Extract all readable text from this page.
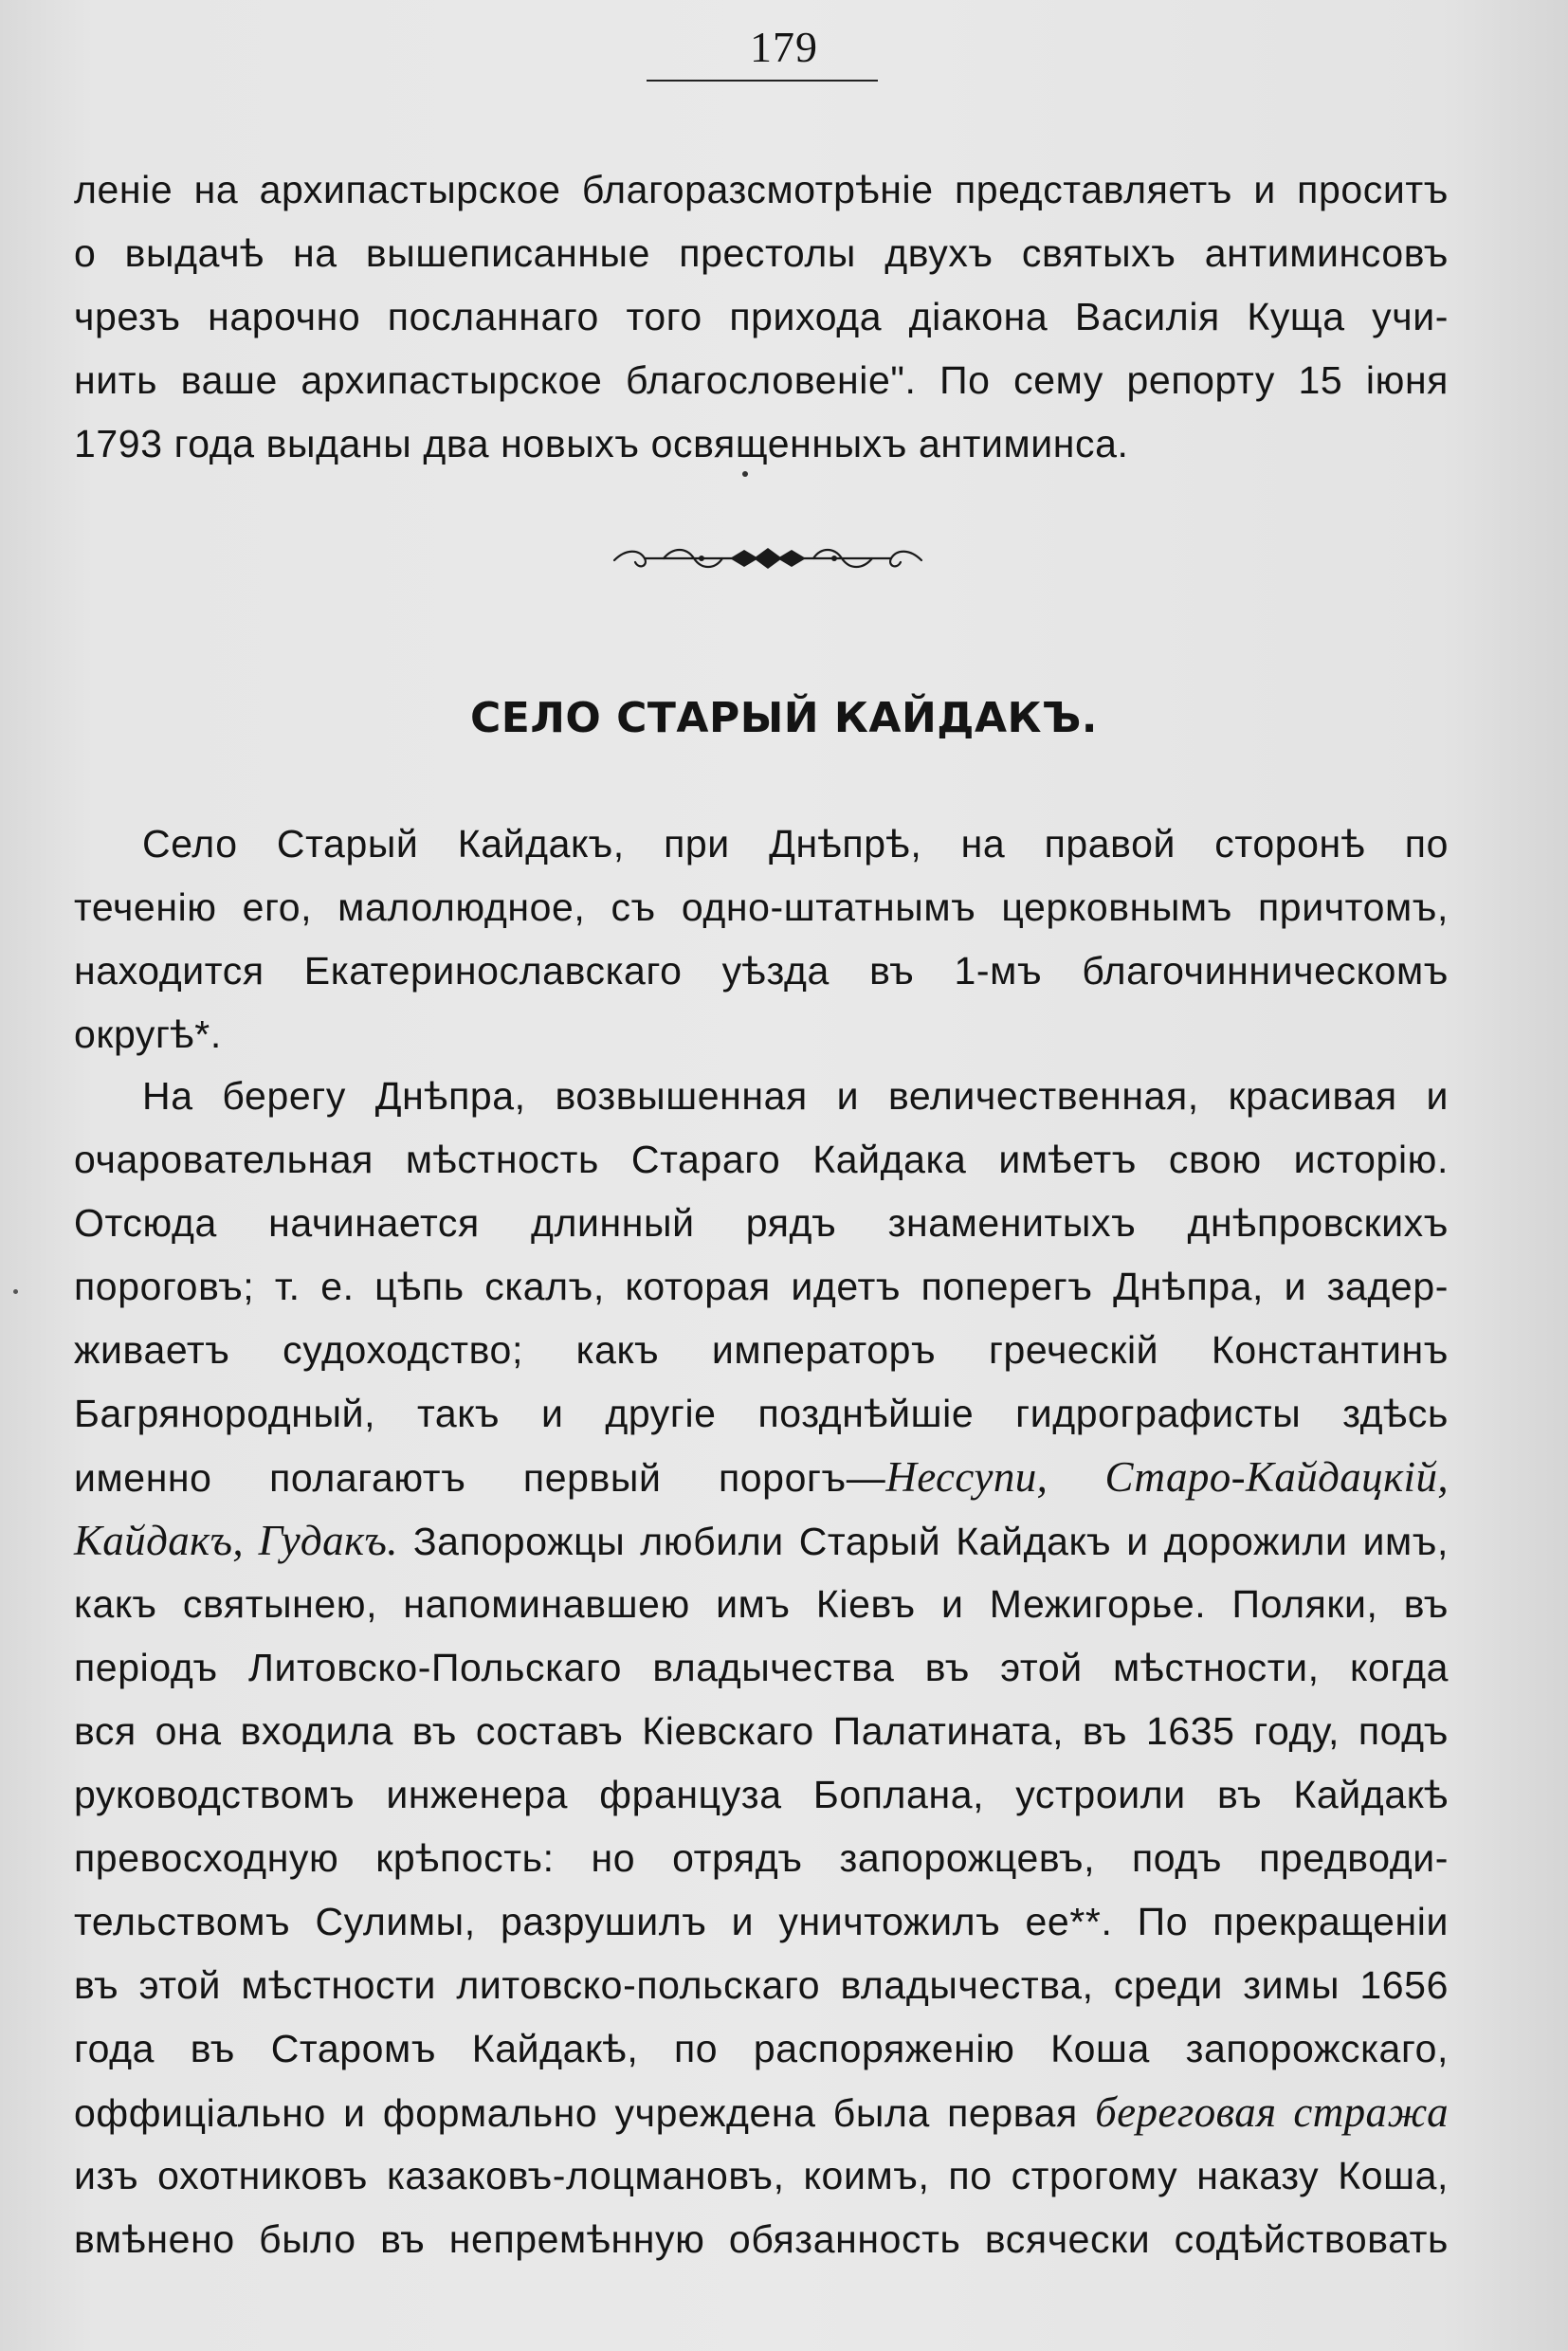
179
леніе на архипастырское благоразсмотрѣніе представляетъ и проситъ
о выдачѣ на вышеписанные престолы двухъ святыхъ антиминсовъ
чрезъ нарочно посланнаго того прихода діакона Василія Куща учи-
нить ваше архипастырское благословеніе". По сему репорту 15 іюня
1793 года выданы два новыхъ освященныхъ антиминса.
СЕЛО СТАРЫЙ КАЙДАКЪ.
Село Старый Кайдакъ, при Днѣпрѣ, на правой сторонѣ по
теченію его, малолюдное, съ одно-штатнымъ церковнымъ причтомъ,
находится Екатеринославскаго уѣзда въ 1-мъ благочинническомъ
округѣ*.
На берегу Днѣпра, возвышенная и величественная, красивая и
очаровательная мѣстность Стараго Кайдака имѣетъ свою исторію.
Отсюда начинается длинный рядъ знаменитыхъ днѣпровскихъ
пороговъ; т. е. цѣпь скалъ, которая идетъ поперегъ Днѣпра, и задер-
живаетъ судоходство; какъ императоръ греческій Константинъ
Багрянородный, такъ и другіе позднѣйшіе гидрографисты здѣсь
именно полагаютъ первый порогъ—Нессупи, Старо-Кайдацкій,
Кайдакъ, Гудакъ. Запорожцы любили Старый Кайдакъ и дорожили имъ,
какъ святынею, напоминавшею имъ Кіевъ и Межигорье. Поляки, въ
періодъ Литовско-Польскаго владычества въ этой мѣстности, когда
вся она входила въ составъ Кіевскаго Палатината, въ 1635 году, подъ
руководствомъ инженера француза Боплана, устроили въ Кайдакѣ
превосходную крѣпость: но отрядъ запорожцевъ, подъ предводи-
тельствомъ Сулимы, разрушилъ и уничтожилъ ее**. По прекращеніи
въ этой мѣстности литовско-польскаго владычества, среди зимы 1656
года въ Старомъ Кайдакѣ, по распоряженію Коша запорожскаго,
оффиціально и формально учреждена была первая береговая стража
изъ охотниковъ казаковъ-лоцмановъ, коимъ, по строгому наказу Коша,
вмѣнено было въ непремѣнную обязанность всячески содѣйствовать
